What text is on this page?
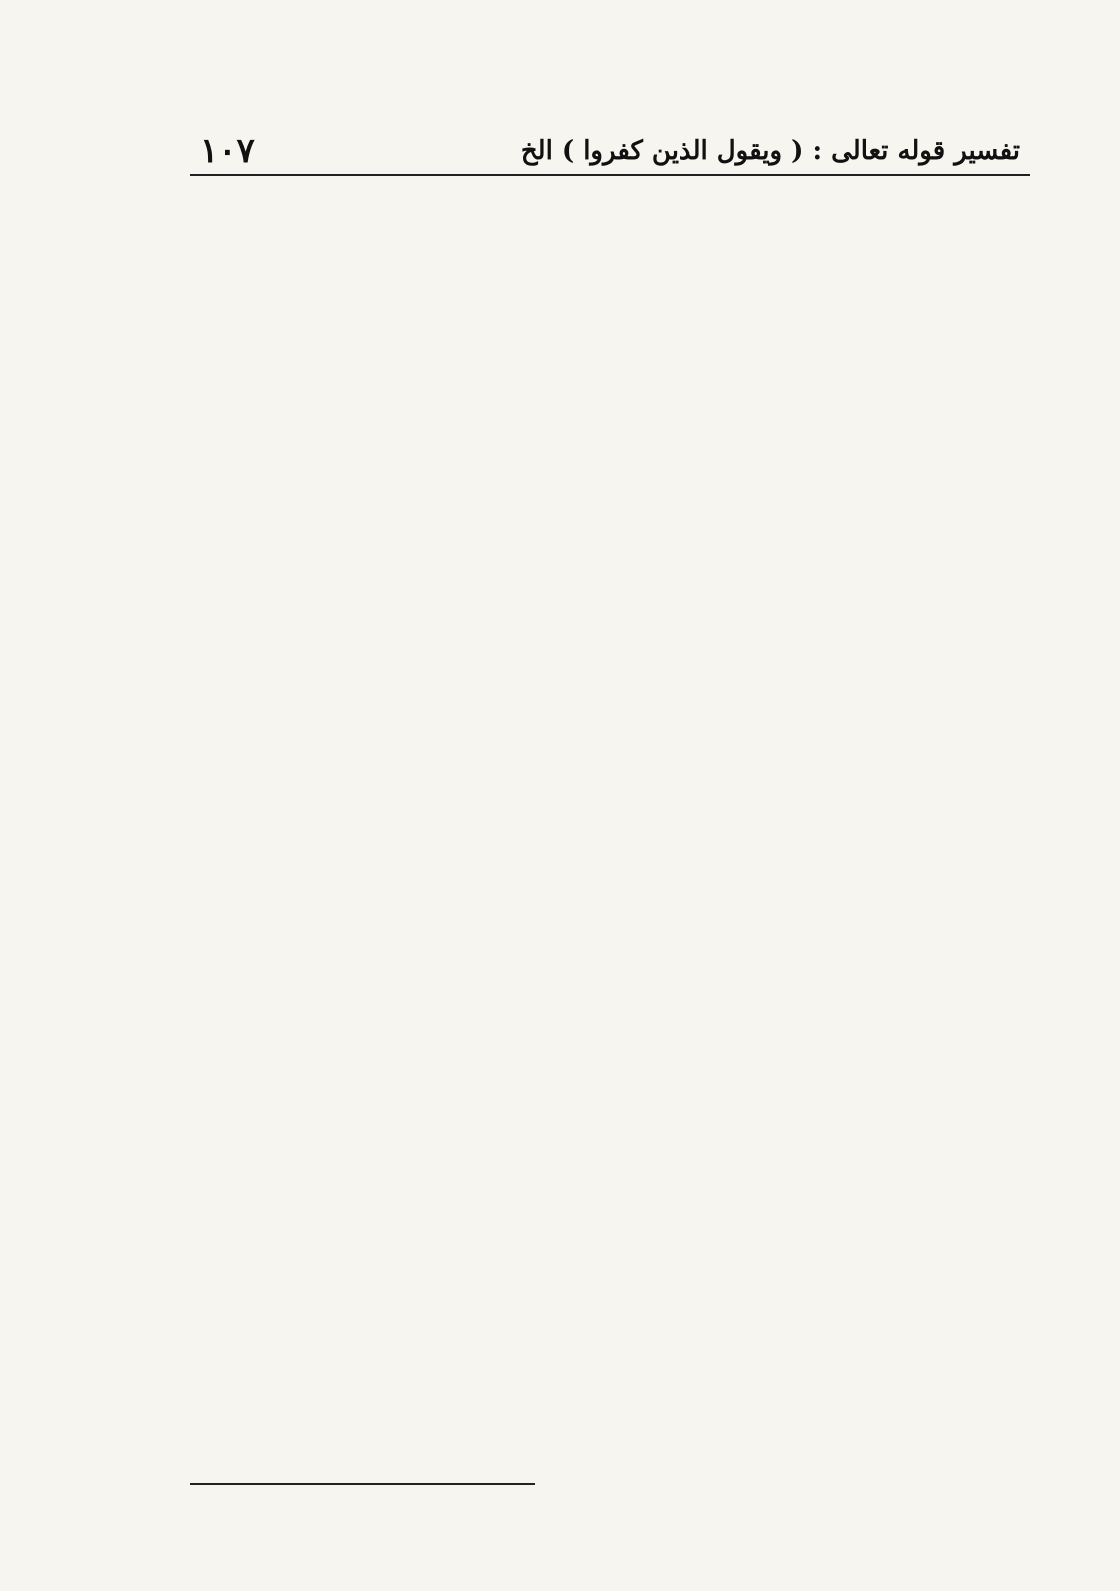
تفسير قوله تعالى : ( ويقول الذين كفروا ) الخ
١٠٧
